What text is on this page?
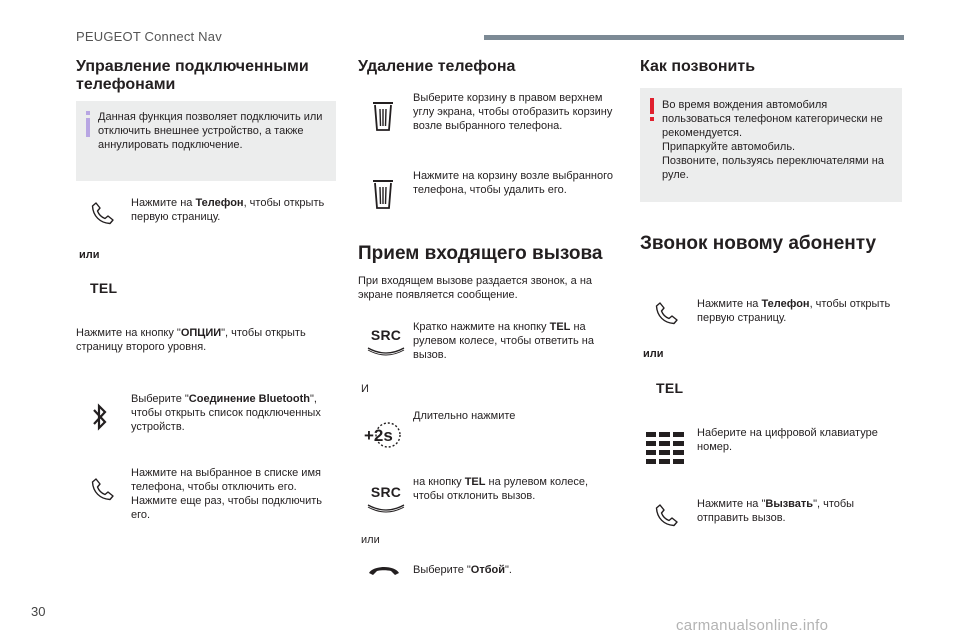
PEUGEOT Connect Nav
Управление подключенными
телефонами
Данная функция позволяет подключить или отключить внешнее устройство, а также аннулировать подключение.
Нажмите на Телефон, чтобы открыть первую страницу.
или
TEL
Нажмите на кнопку "ОПЦИИ", чтобы открыть страницу второго уровня.
Выберите "Соединение Bluetooth", чтобы открыть список подключенных устройств.
Нажмите на выбранное в списке имя телефона, чтобы отключить его. Нажмите еще раз, чтобы подключить его.
Удаление телефона
Выберите корзину в правом верхнем углу экрана, чтобы отобразить корзину возле выбранного телефона.
Нажмите на корзину возле выбранного телефона, чтобы удалить его.
Прием входящего вызова
При входящем вызове раздается звонок, а на экране появляется сообщение.
SRC	Кратко нажмите на кнопку TEL на рулевом колесе, чтобы ответить на вызов.
И
+2s
Длительно нажмите
SRC
на кнопку TEL на рулевом колесе, чтобы отклонить вызов.
или
Выберите "Отбой".
Как позвонить
Во время вождения автомобиля пользоваться телефоном категорически не рекомендуется.
Припаркуйте автомобиль.
Позвоните, пользуясь переключателями на руле.
Звонок новому абоненту
Нажмите на Телефон, чтобы открыть первую страницу.
или
TEL
Наберите на цифровой клавиатуре номер.
Нажмите на "Вызвать", чтобы отправить вызов.
30
carmanualsonline.info
